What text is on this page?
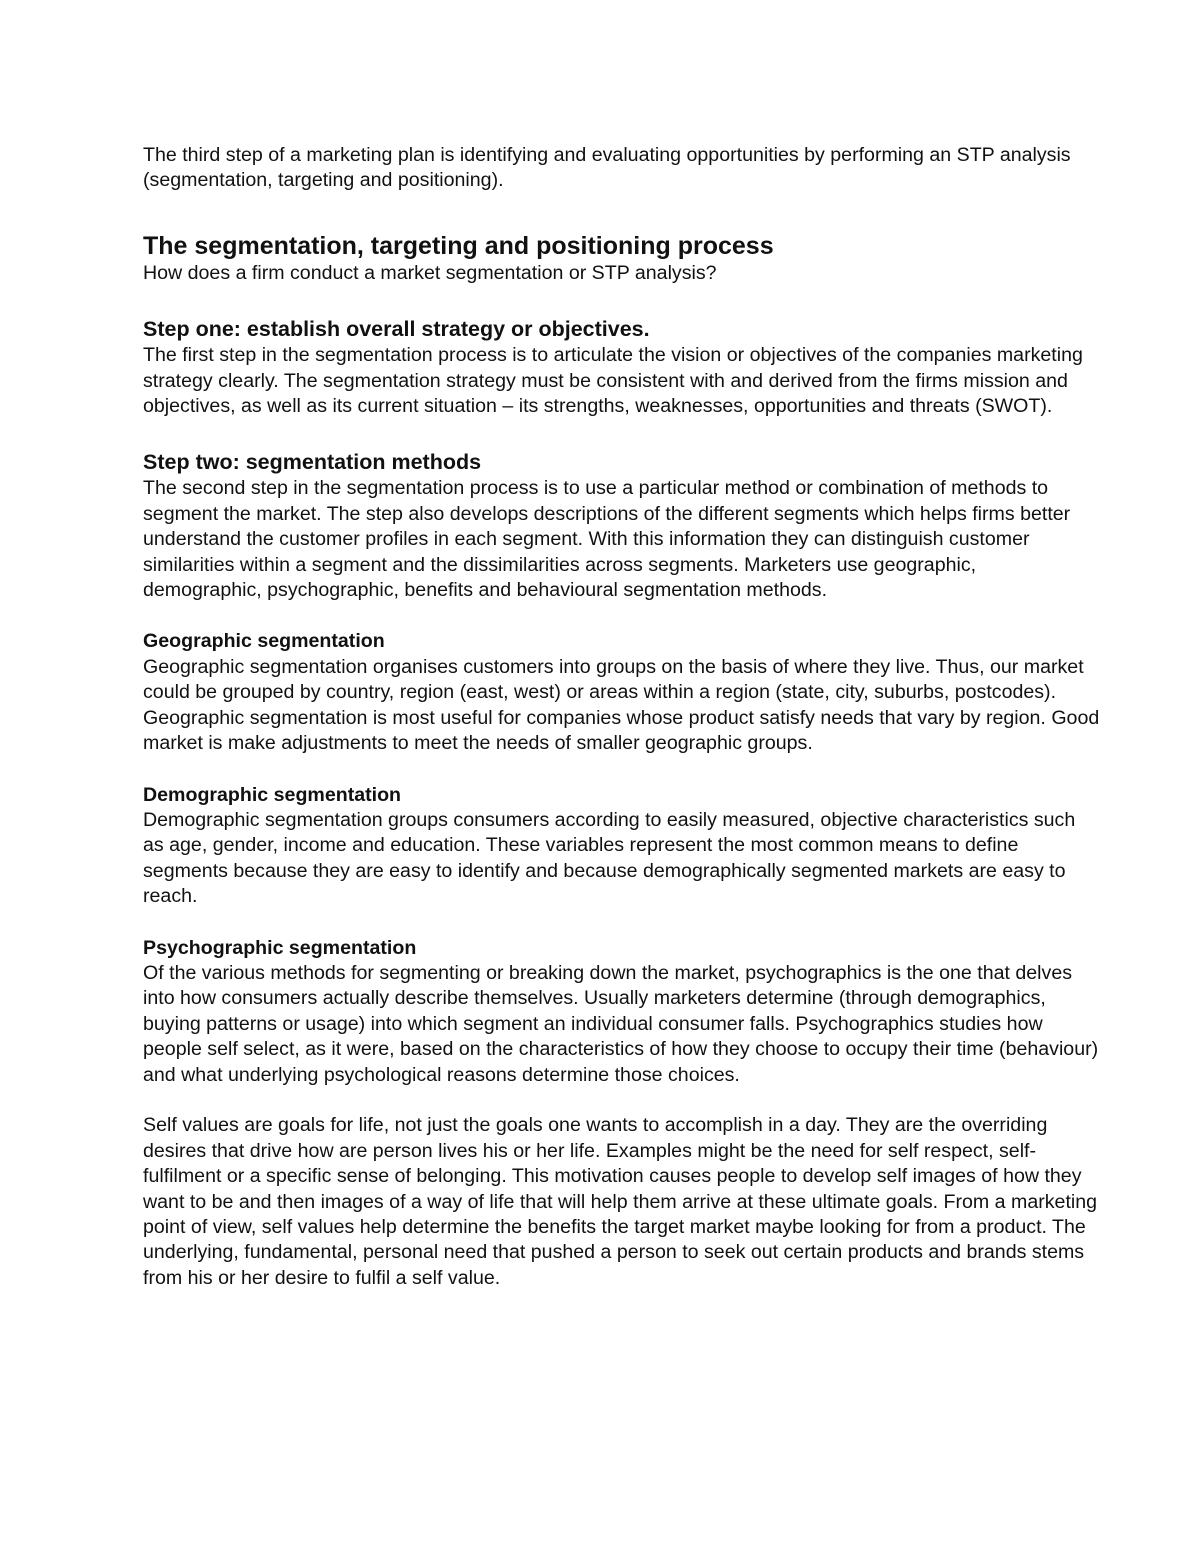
The third step of a marketing plan is identifying and evaluating opportunities by performing an STP analysis (segmentation, targeting and positioning).

The segmentation, targeting and positioning process

How does a firm conduct a market segmentation or STP analysis?

Step one: establish overall strategy or objectives.

The first step in the segmentation process is to articulate the vision or objectives of the companies marketing strategy clearly. The segmentation strategy must be consistent with and derived from the firms mission and objectives, as well as its current situation – its strengths, weaknesses, opportunities and threats (SWOT).

Step two: segmentation methods

The second step in the segmentation process is to use a particular method or combination of methods to segment the market. The step also develops descriptions of the different segments which helps firms better understand the customer profiles in each segment. With this information they can distinguish customer similarities within a segment and the dissimilarities across segments. Marketers use geographic, demographic, psychographic, benefits and behavioural segmentation methods.

Geographic segmentation

Geographic segmentation organises customers into groups on the basis of where they live. Thus, our market could be grouped by country, region (east, west) or areas within a region (state, city, suburbs, postcodes). Geographic segmentation is most useful for companies whose product satisfy needs that vary by region. Good market is make adjustments to meet the needs of smaller geographic groups.

Demographic segmentation

Demographic segmentation groups consumers according to easily measured, objective characteristics such as age, gender, income and education. These variables represent the most common means to define segments because they are easy to identify and because demographically segmented markets are easy to reach.

Psychographic segmentation

Of the various methods for segmenting or breaking down the market, psychographics is the one that delves into how consumers actually describe themselves. Usually marketers determine (through demographics, buying patterns or usage) into which segment an individual consumer falls. Psychographics studies how people self select, as it were, based on the characteristics of how they choose to occupy their time (behaviour) and what underlying psychological reasons determine those choices.

Self values are goals for life, not just the goals one wants to accomplish in a day. They are the overriding desires that drive how are person lives his or her life. Examples might be the need for self respect, self-fulfilment or a specific sense of belonging. This motivation causes people to develop self images of how they want to be and then images of a way of life that will help them arrive at these ultimate goals. From a marketing point of view, self values help determine the benefits the target market maybe looking for from a product. The underlying, fundamental, personal need that pushed a person to seek out certain products and brands stems from his or her desire to fulfil a self value.
